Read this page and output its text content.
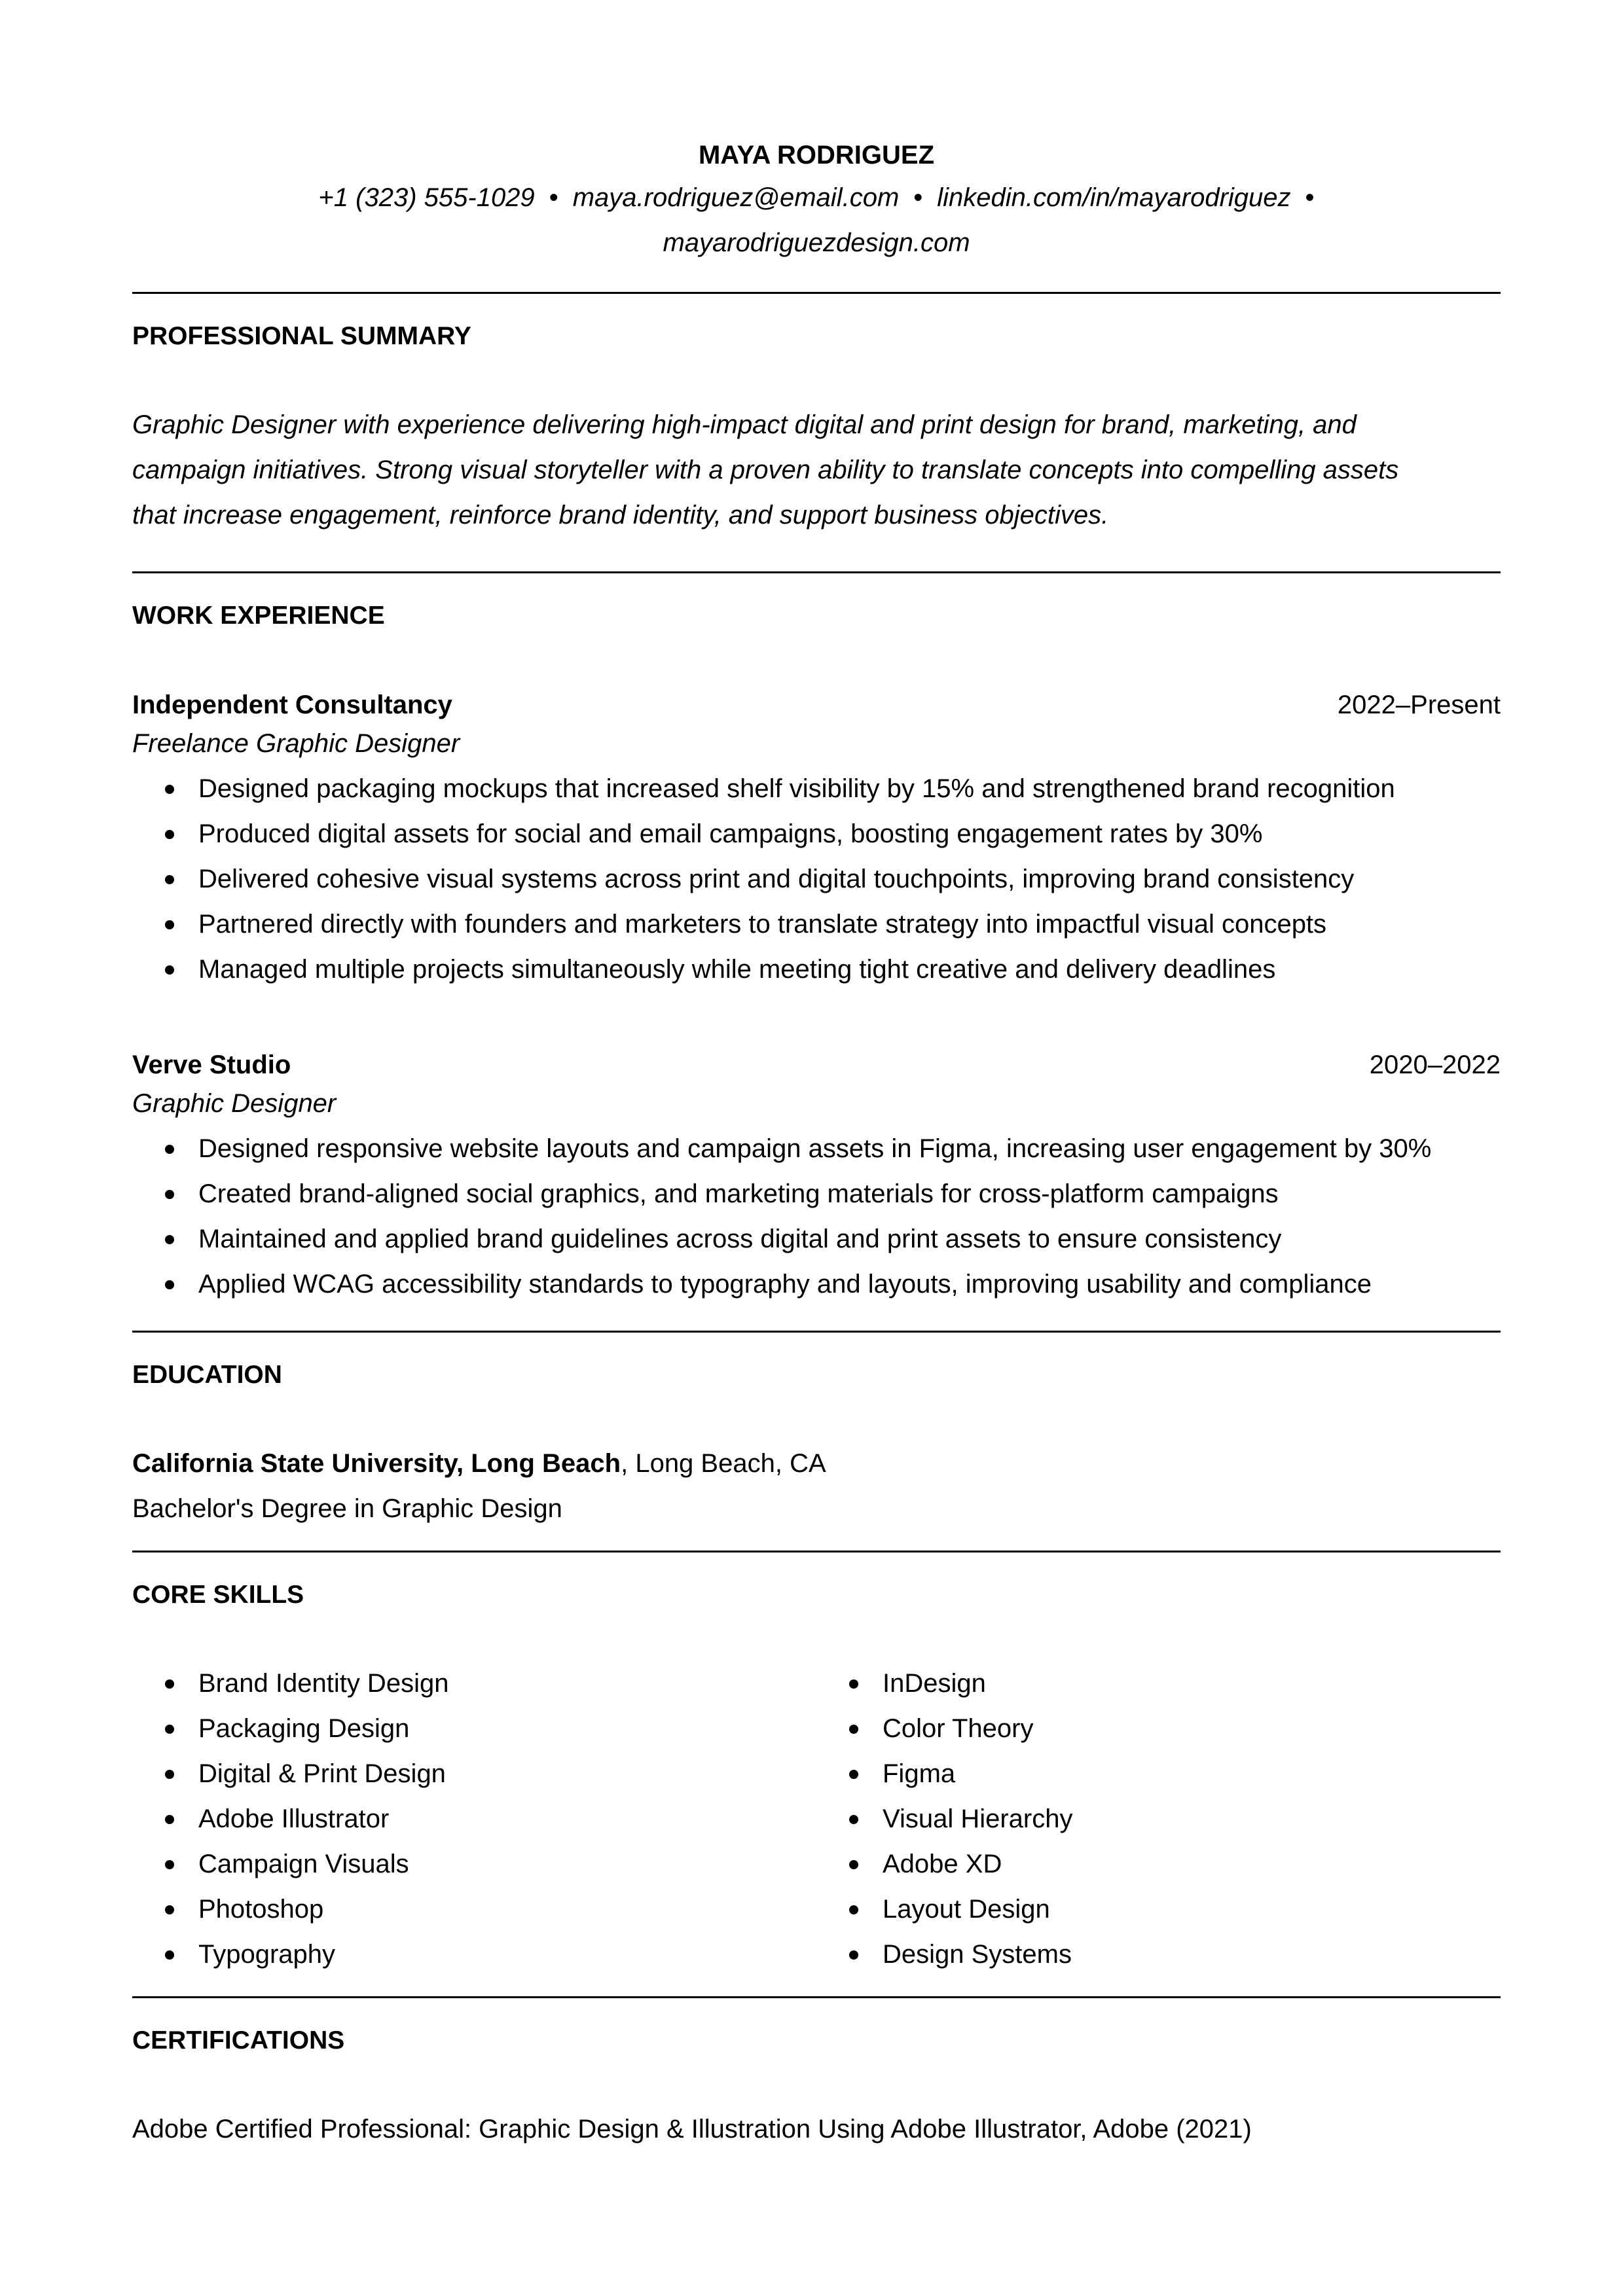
MAYA RODRIGUEZ
+1 (323) 555-1029 • maya.rodriguez@email.com • linkedin.com/in/mayarodriguez •
mayarodriguezdesign.com
PROFESSIONAL SUMMARY
Graphic Designer with experience delivering high-impact digital and print design for brand, marketing, and
campaign initiatives. Strong visual storyteller with a proven ability to translate concepts into compelling assets
that increase engagement, reinforce brand identity, and support business objectives.
WORK EXPERIENCE
Independent Consultancy	2022–Present
Freelance Graphic Designer
Designed packaging mockups that increased shelf visibility by 15% and strengthened brand recognition
Produced digital assets for social and email campaigns, boosting engagement rates by 30%
Delivered cohesive visual systems across print and digital touchpoints, improving brand consistency
Partnered directly with founders and marketers to translate strategy into impactful visual concepts
Managed multiple projects simultaneously while meeting tight creative and delivery deadlines
Verve Studio	2020–2022
Graphic Designer
Designed responsive website layouts and campaign assets in Figma, increasing user engagement by 30%
Created brand-aligned social graphics, and marketing materials for cross-platform campaigns
Maintained and applied brand guidelines across digital and print assets to ensure consistency
Applied WCAG accessibility standards to typography and layouts, improving usability and compliance
EDUCATION
California State University, Long Beach, Long Beach, CA
Bachelor's Degree in Graphic Design
CORE SKILLS
Brand Identity Design
Packaging Design
Digital & Print Design
Adobe Illustrator
Campaign Visuals
Photoshop
Typography
InDesign
Color Theory
Figma
Visual Hierarchy
Adobe XD
Layout Design
Design Systems
CERTIFICATIONS
Adobe Certified Professional: Graphic Design & Illustration Using Adobe Illustrator, Adobe (2021)
